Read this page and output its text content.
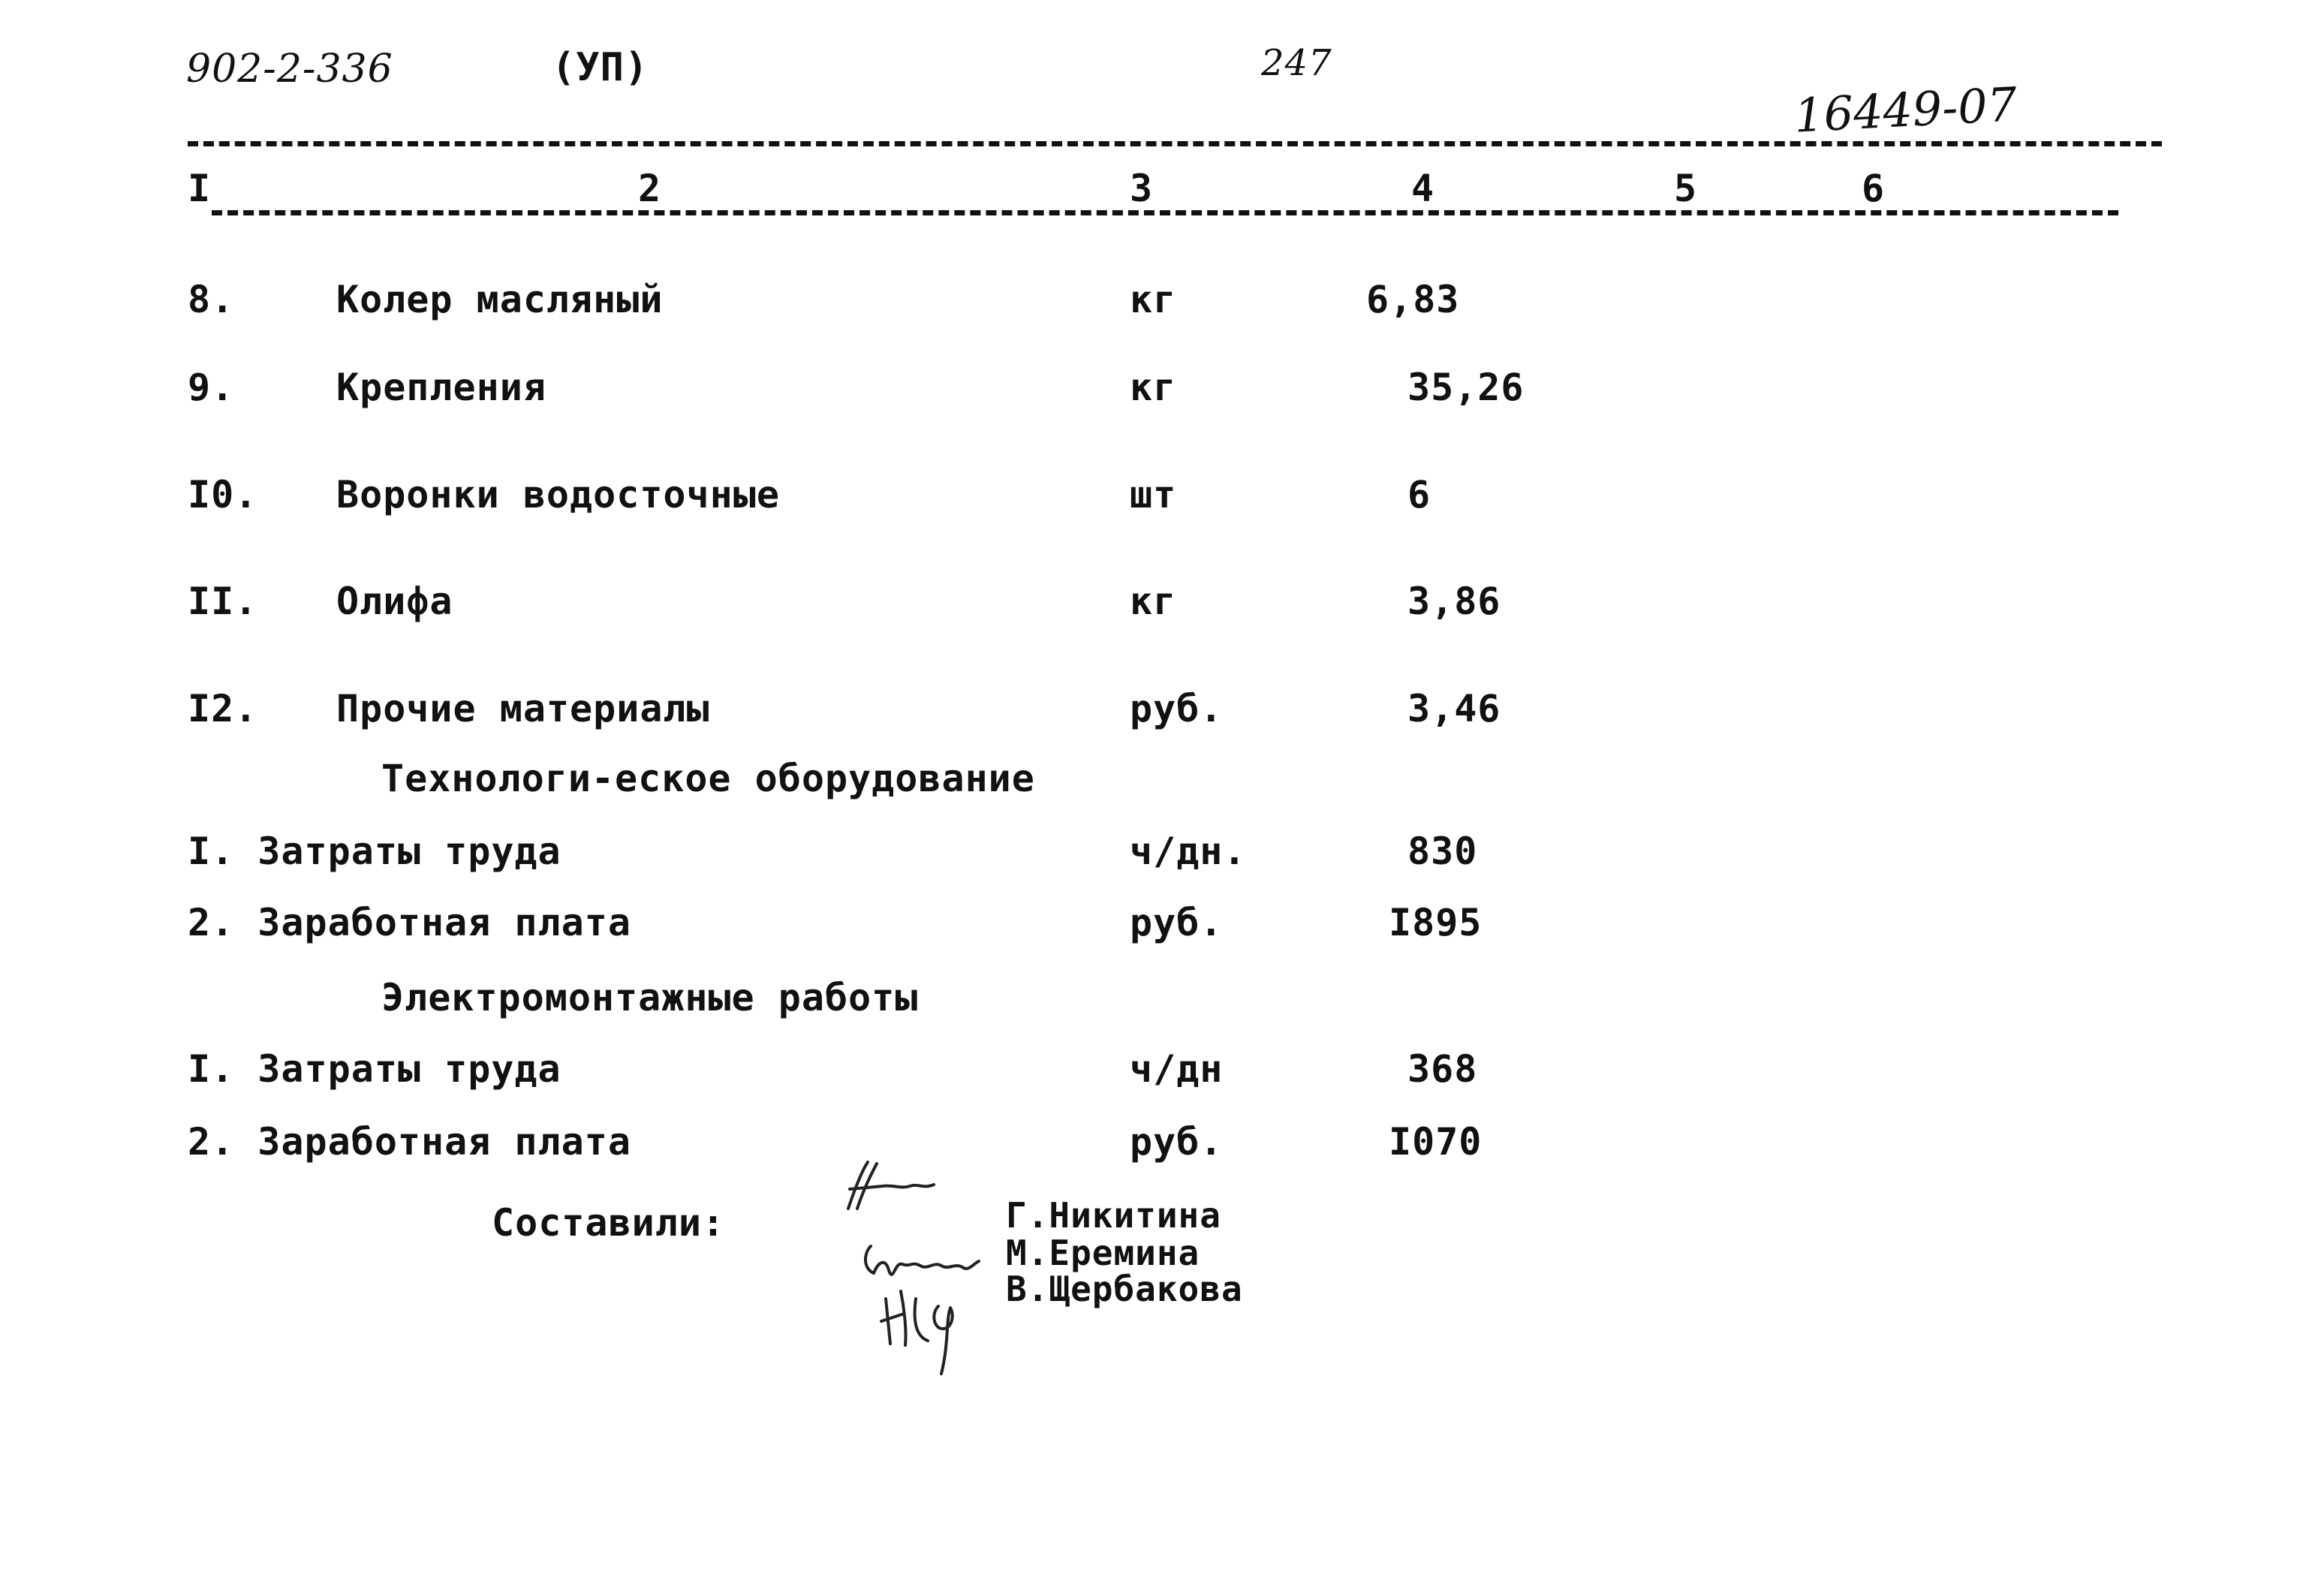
902-2-336	(УП)	247
16449-07
I	2	3	4	5	6
8.	Колер масляный	кг	6,83
9.	Крепления	кг	35,26
I0. Воронки водосточные	шт	6
II. Олифа	кг	3,86
I2. Прочие материалы	руб.	3,46
Технологи-еское оборудование
I. Затраты труда	ч/дн.	830
2. Заработная плата	руб.	I895
Электромонтажные работы
I. Затраты труда	ч/дн	368
2. Заработная плата	руб.	I070
Составили:	Г.Никитина
М.Еремина
В.Щербакова
